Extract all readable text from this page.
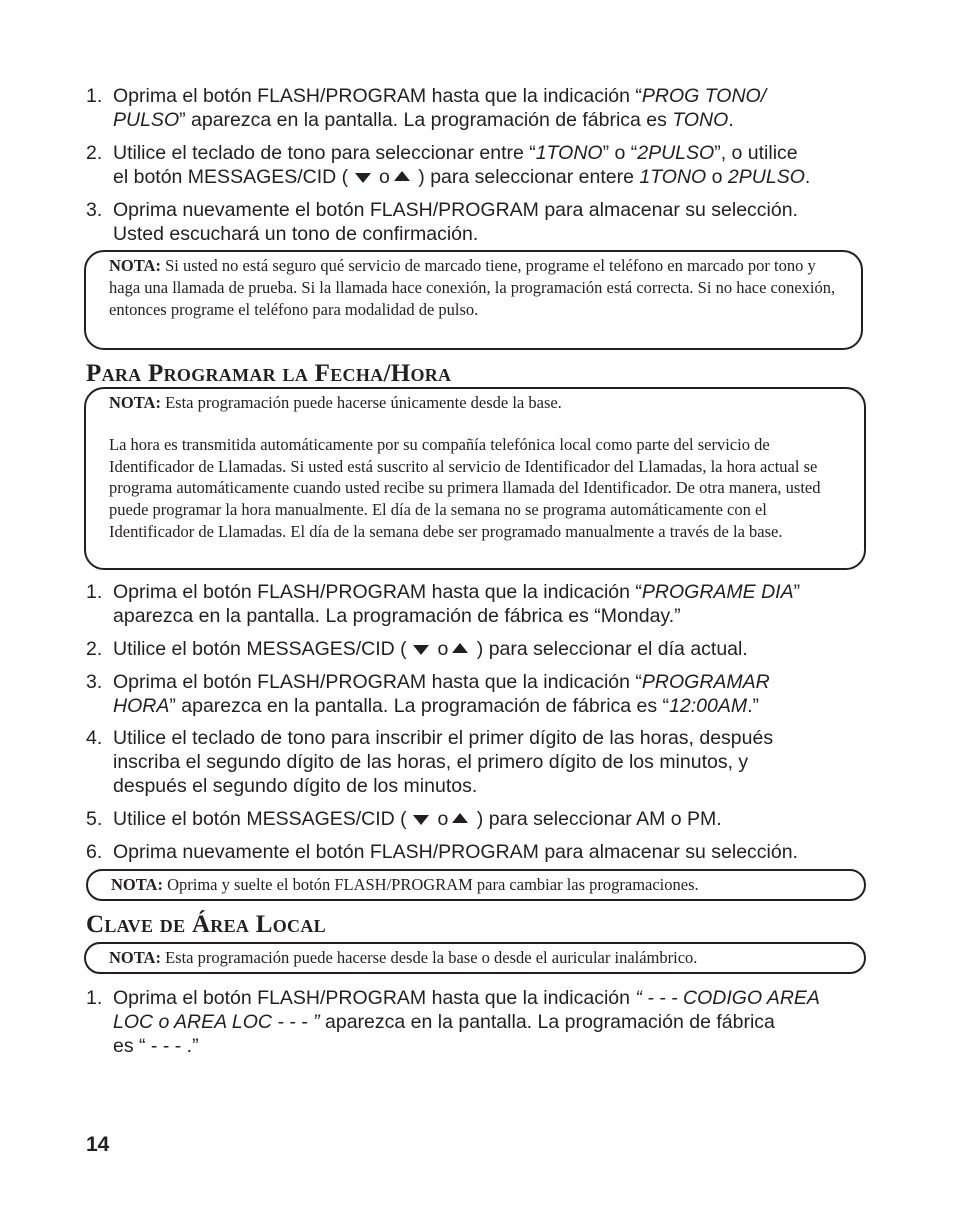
1. Oprima el botón FLASH/PROGRAM hasta que la indicación “PROG TONO/
PULSO” aparezca en la pantalla. La programación de fábrica es TONO.
2. Utilice el teclado de tono para seleccionar entre “1TONO” o “2PULSO”, o utilice
el botón MESSAGES/CID (  o ) para seleccionar entere 1TONO o 2PULSO.
3. Oprima nuevamente el botón FLASH/PROGRAM para almacenar su selección.
Usted escuchará un tono de confirmación.

NOTA: Si usted no está seguro qué servicio de marcado tiene, programe el teléfono en marcado por tono y haga una llamada de prueba. Si la llamada hace conexión, la programación está correcta. Si no hace conexión, entonces programe el teléfono para modalidad de pulso.

Para Programar la Fecha/Hora

NOTA: Esta programación puede hacerse únicamente desde la base.

La hora es transmitida automáticamente por su compañía telefónica local como parte del servicio de Identificador de Llamadas. Si usted está suscrito al servicio de Identificador del Llamadas, la hora actual se programa automáticamente cuando usted recibe su primera llamada del Identificador. De otra manera, usted puede programar la hora manualmente. El día de la semana no se programa automáticamente con el Identificador de Llamadas. El día de la semana debe ser programado manualmente a través de la base.

1. Oprima el botón FLASH/PROGRAM hasta que la indicación “PROGRAME DIA”
aparezca en la pantalla. La programación de fábrica es “Monday.”
2. Utilice el botón MESSAGES/CID (  o ) para seleccionar el día actual.
3. Oprima el botón FLASH/PROGRAM hasta que la indicación “PROGRAMAR
HORA” aparezca en la pantalla. La programación de fábrica es “12:00AM.”
4. Utilice el teclado de tono para inscribir el primer dígito de las horas, después
inscriba el segundo dígito de las horas, el primero dígito de los minutos, y
después el segundo dígito de los minutos.
5. Utilice el botón MESSAGES/CID (  o ) para seleccionar AM o PM.
6. Oprima nuevamente el botón FLASH/PROGRAM para almacenar su selección.

NOTA: Oprima y suelte el botón FLASH/PROGRAM para cambiar las programaciones.

Clave de Área Local

NOTA: Esta programación puede hacerse desde la base o desde el auricular inalámbrico.

1. Oprima el botón FLASH/PROGRAM hasta que la indicación “ - - - CODIGO AREA
LOC o AREA LOC - - - ” aparezca en la pantalla. La programación de fábrica
es “ - - - .”
14
